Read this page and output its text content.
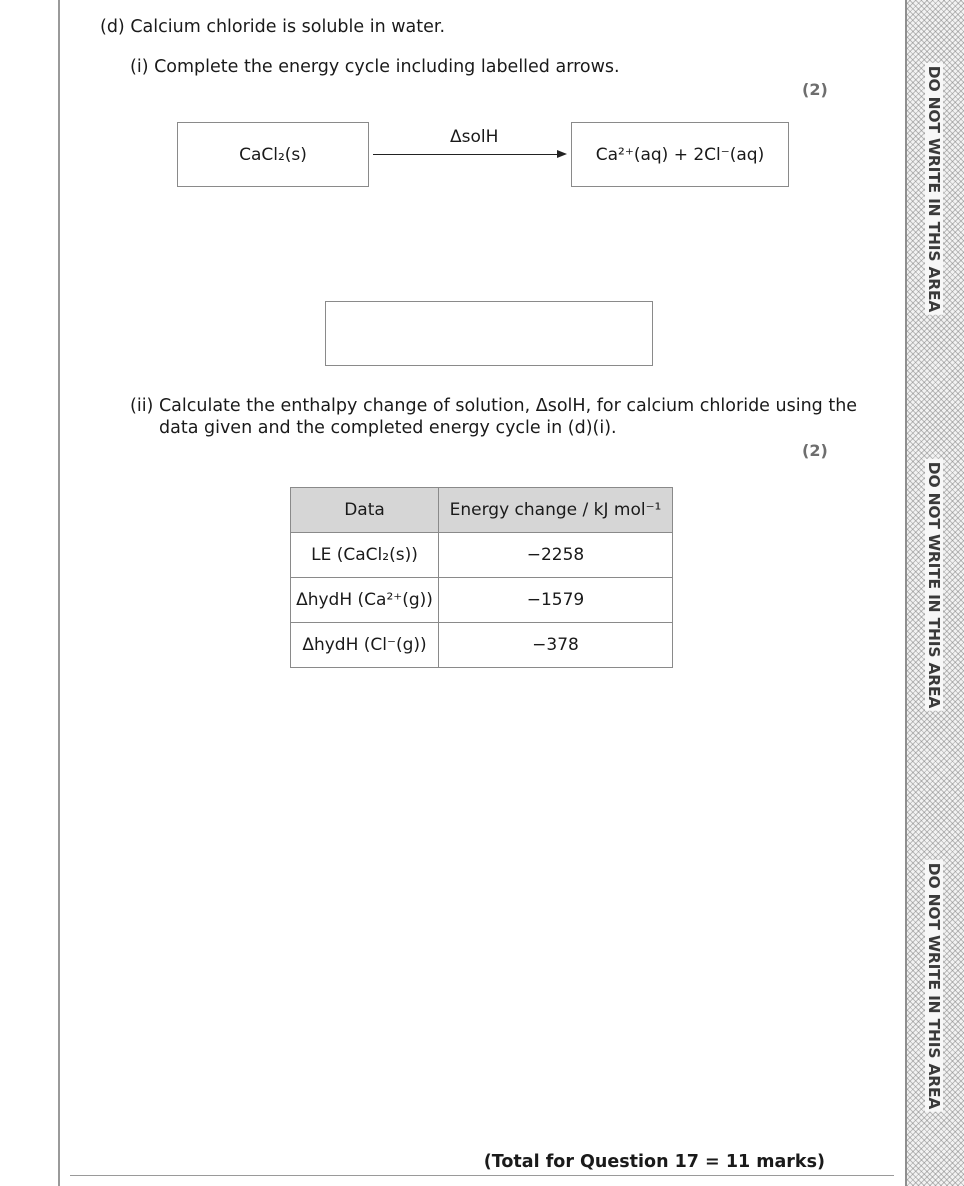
DO NOT WRITE IN THIS AREA
DO NOT WRITE IN THIS AREA
DO NOT WRITE IN THIS AREA
(d) Calcium chloride is soluble in water.
(i) Complete the energy cycle including labelled arrows.
(2)
CaCl₂(s)
ΔsolH
Ca²⁺(aq) + 2Cl⁻(aq)
(ii) Calculate the enthalpy change of solution, ΔsolH, for calcium chloride using the
data given and the completed energy cycle in (d)(i).
(2)
Data	Energy change / kJ mol⁻¹
LE (CaCl₂(s))	−2258
ΔhydH (Ca²⁺(g))	−1579
ΔhydH (Cl⁻(g))	−378
(Total for Question 17 = 11 marks)
